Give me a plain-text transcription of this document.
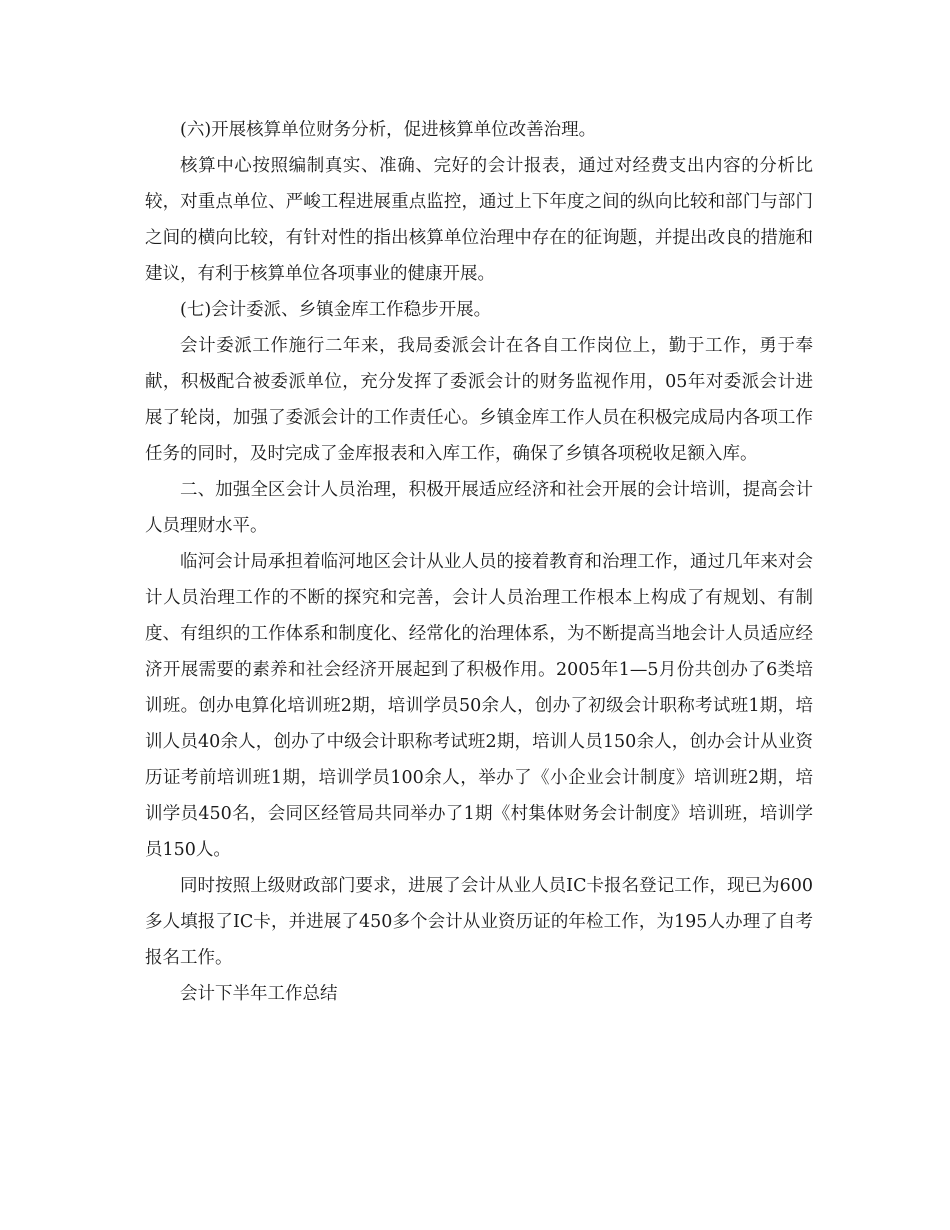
(六)开展核算单位财务分析，促进核算单位改善治理。

核算中心按照编制真实、准确、完好的会计报表，通过对经费支出内容的分析比较，对重点单位、严峻工程进展重点监控，通过上下年度之间的纵向比较和部门与部门之间的横向比较，有针对性的指出核算单位治理中存在的征询题，并提出改良的措施和建议，有利于核算单位各项事业的健康开展。

(七)会计委派、乡镇金库工作稳步开展。

会计委派工作施行二年来，我局委派会计在各自工作岗位上，勤于工作，勇于奉献，积极配合被委派单位，充分发挥了委派会计的财务监视作用，05年对委派会计进展了轮岗，加强了委派会计的工作责任心。乡镇金库工作人员在积极完成局内各项工作任务的同时，及时完成了金库报表和入库工作，确保了乡镇各项税收足额入库。

二、加强全区会计人员治理，积极开展适应经济和社会开展的会计培训，提高会计人员理财水平。

临河会计局承担着临河地区会计从业人员的接着教育和治理工作，通过几年来对会计人员治理工作的不断的探究和完善，会计人员治理工作根本上构成了有规划、有制度、有组织的工作体系和制度化、经常化的治理体系，为不断提高当地会计人员适应经济开展需要的素养和社会经济开展起到了积极作用。2005年1—5月份共创办了6类培训班。创办电算化培训班2期，培训学员50余人，创办了初级会计职称考试班1期，培训人员40余人，创办了中级会计职称考试班2期，培训人员150余人，创办会计从业资历证考前培训班1期，培训学员100余人，举办了《小企业会计制度》培训班2期，培训学员450名，会同区经管局共同举办了1期《村集体财务会计制度》培训班，培训学员150人。

同时按照上级财政部门要求，进展了会计从业人员IC卡报名登记工作，现已为600多人填报了IC卡，并进展了450多个会计从业资历证的年检工作，为195人办理了自考报名工作。

会计下半年工作总结
